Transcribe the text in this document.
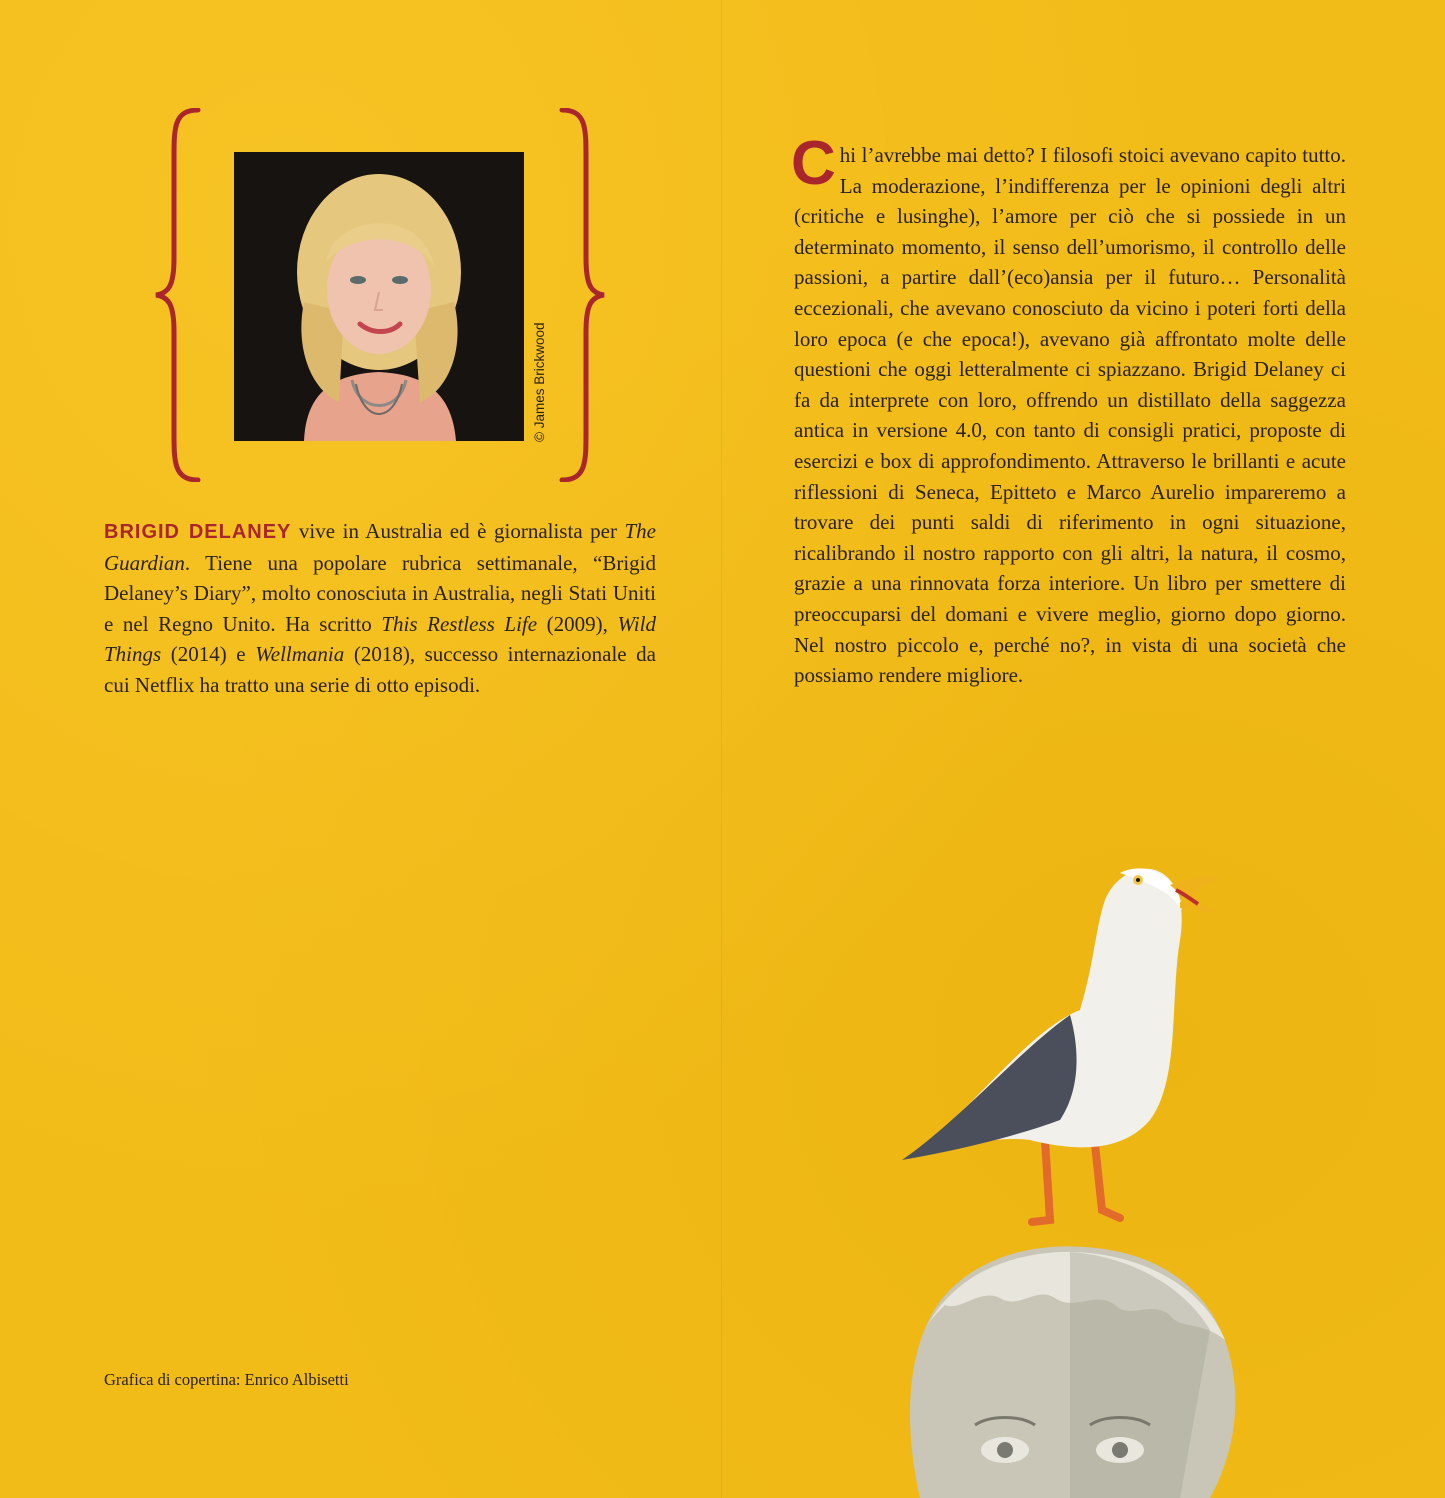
© James Brickwood
BRIGID DELANEY vive in Australia ed è giornalista per The Guardian. Tiene una popolare rubrica settimanale, “Brigid Delaney’s Diary”, molto conosciuta in Australia, negli Stati Uniti e nel Regno Unito. Ha scritto This Restless Life (2009), Wild Things (2014) e Wellmania (2018), successo internazionale da cui Netflix ha tratto una serie di otto episodi.
Grafica di copertina: Enrico Albisetti
Chi l’avrebbe mai detto? I filosofi stoici avevano capito tutto. La moderazione, l’indifferenza per le opinioni degli altri (critiche e lusinghe), l’amore per ciò che si possiede in un determinato momento, il senso dell’umorismo, il controllo delle passioni, a partire dall’(eco)ansia per il futuro… Personalità eccezionali, che avevano conosciuto da vicino i poteri forti della loro epoca (e che epoca!), avevano già affrontato molte delle questioni che oggi letteralmente ci spiazzano. Brigid Delaney ci fa da interprete con loro, offrendo un distillato della saggezza antica in versione 4.0, con tanto di consigli pratici, proposte di esercizi e box di approfondimento. Attraverso le brillanti e acute riflessioni di Seneca, Epitteto e Marco Aurelio impareremo a trovare dei punti saldi di riferimento in ogni situazione, ricalibrando il nostro rapporto con gli altri, la natura, il cosmo, grazie a una rinnovata forza interiore. Un libro per smettere di preoccuparsi del domani e vivere meglio, giorno dopo giorno. Nel nostro piccolo e, perché no?, in vista di una società che possiamo rendere migliore.
